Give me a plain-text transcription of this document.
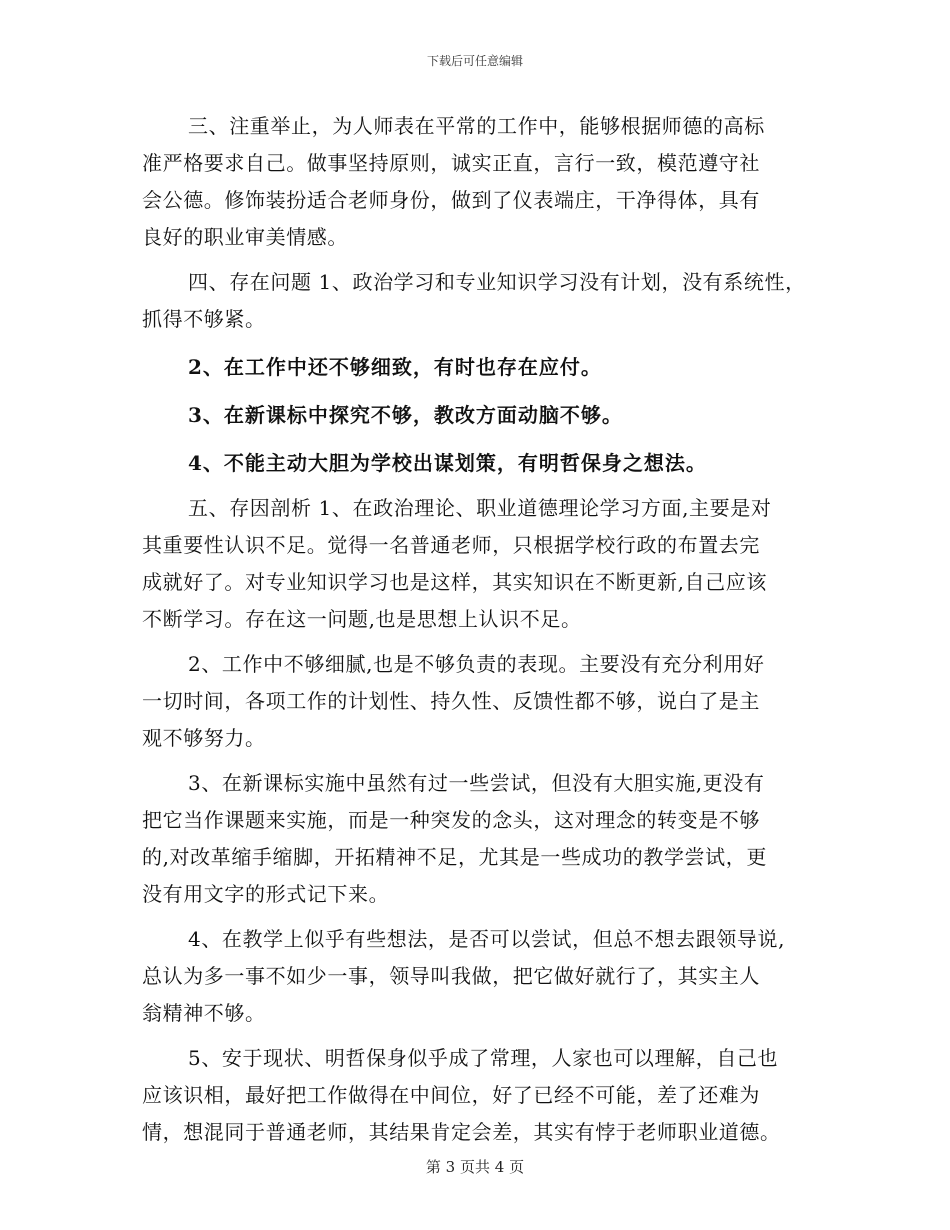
下载后可任意编辑
三、注重举止，为人师表在平常的工作中，能够根据师德的高标
准严格要求自己。做事坚持原则，诚实正直，言行一致，模范遵守社
会公德。修饰装扮适合老师身份，做到了仪表端庄，干净得体，具有
良好的职业审美情感。
四、存在问题 1、政治学习和专业知识学习没有计划，没有系统性，
抓得不够紧。
2、在工作中还不够细致，有时也存在应付。
3、在新课标中探究不够，教改方面动脑不够。
4、不能主动大胆为学校出谋划策，有明哲保身之想法。
五、存因剖析 1、在政治理论、职业道德理论学习方面,主要是对
其重要性认识不足。觉得一名普通老师，只根据学校行政的布置去完
成就好了。对专业知识学习也是这样，其实知识在不断更新,自己应该
不断学习。存在这一问题,也是思想上认识不足。
2、工作中不够细腻,也是不够负责的表现。主要没有充分利用好
一切时间，各项工作的计划性、持久性、反馈性都不够，说白了是主
观不够努力。
3、在新课标实施中虽然有过一些尝试，但没有大胆实施,更没有
把它当作课题来实施，而是一种突发的念头，这对理念的转变是不够
的,对改革缩手缩脚，开拓精神不足，尤其是一些成功的教学尝试，更
没有用文字的形式记下来。
4、在教学上似乎有些想法，是否可以尝试，但总不想去跟领导说,
总认为多一事不如少一事，领导叫我做，把它做好就行了，其实主人
翁精神不够。
5、安于现状、明哲保身似乎成了常理，人家也可以理解，自己也
应该识相，最好把工作做得在中间位，好了已经不可能，差了还难为
情，想混同于普通老师，其结果肯定会差，其实有悖于老师职业道德。
第 3 页共 4 页
